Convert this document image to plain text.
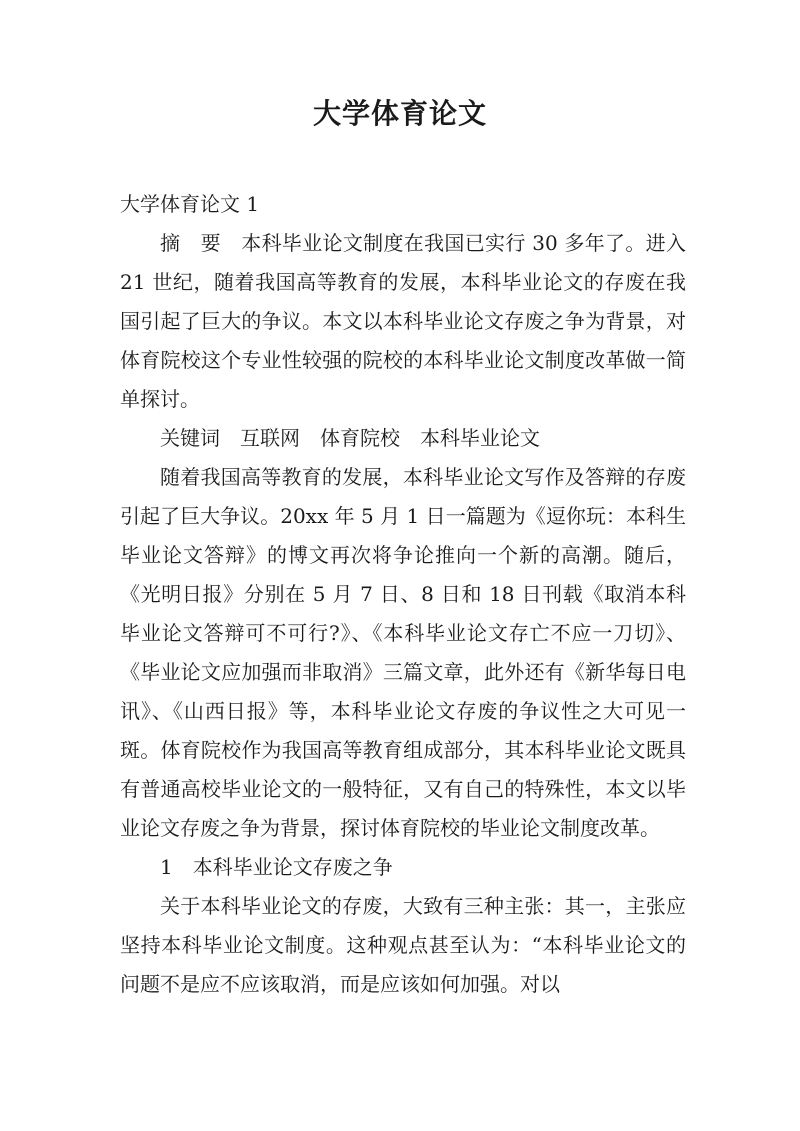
大学体育论文

大学体育论文 1

摘　要　本科毕业论文制度在我国已实行 30 多年了。进入 21 世纪，随着我国高等教育的发展，本科毕业论文的存废在我国引起了巨大的争议。本文以本科毕业论文存废之争为背景，对体育院校这个专业性较强的院校的本科毕业论文制度改革做一简单探讨。

关键词　互联网　体育院校　本科毕业论文

随着我国高等教育的发展，本科毕业论文写作及答辩的存废引起了巨大争议。20xx 年 5 月 1 日一篇题为《逗你玩：本科生毕业论文答辩》的博文再次将争论推向一个新的高潮。随后，《光明日报》分别在 5 月 7 日、8 日和 18 日刊载《取消本科毕业论文答辩可不可行?》、《本科毕业论文存亡不应一刀切》、《毕业论文应加强而非取消》三篇文章，此外还有《新华每日电讯》、《山西日报》等，本科毕业论文存废的争议性之大可见一斑。体育院校作为我国高等教育组成部分，其本科毕业论文既具有普通高校毕业论文的一般特征，又有自己的特殊性，本文以毕业论文存废之争为背景，探讨体育院校的毕业论文制度改革。

1　本科毕业论文存废之争

关于本科毕业论文的存废，大致有三种主张：其一，主张应坚持本科毕业论文制度。这种观点甚至认为：“本科毕业论文的问题不是应不应该取消，而是应该如何加强。对以
